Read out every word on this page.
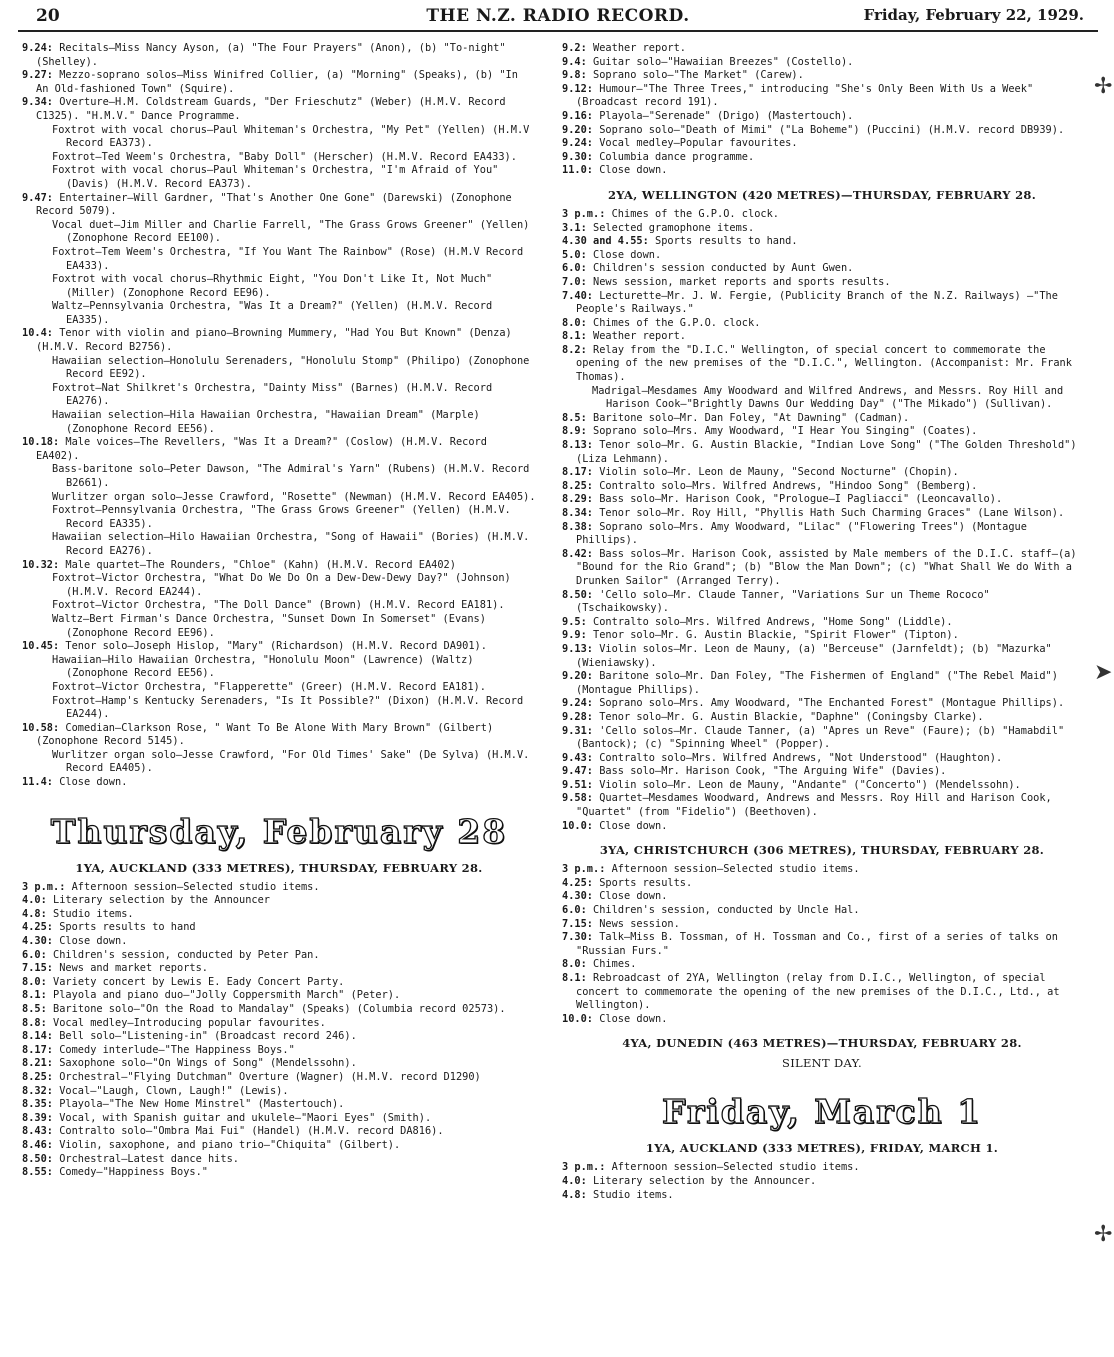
20	THE N.Z. RADIO RECORD.	Friday, February 22, 1929.
9.24: Recitals—Miss Nancy Ayson, (a) "The Four Prayers" (Anon), (b) "To-night" (Shelley).
9.27: Mezzo-soprano solos—Miss Winifred Collier, (a) "Morning" (Speaks), (b) "In An Old-fashioned Town" (Squire).
9.34: Overture—H.M. Coldstream Guards, "Der Frieschutz" (Weber) (H.M.V. Record C1325). "H.M.V." Dance Programme.
Foxtrot with vocal chorus—Paul Whiteman's Orchestra, "My Pet" (Yellen) (H.M.V Record EA373).
Foxtrot—Ted Weem's Orchestra, "Baby Doll" (Herscher) (H.M.V. Record EA433).
Foxtrot with vocal chorus—Paul Whiteman's Orchestra, "I'm Afraid of You" (Davis) (H.M.V. Record EA373).
9.47: Entertainer—Will Gardner, "That's Another One Gone" (Darewski) (Zonophone Record 5079).
Vocal duet—Jim Miller and Charlie Farrell, "The Grass Grows Greener" (Yellen) (Zonophone Record EE100).
Foxtrot—Tem Weem's Orchestra, "If You Want The Rainbow" (Rose) (H.M.V Record EA433).
Foxtrot with vocal chorus—Rhythmic Eight, "You Don't Like It, Not Much" (Miller) (Zonophone Record EE96).
Waltz—Pennsylvania Orchestra, "Was It a Dream?" (Yellen) (H.M.V. Record EA335).
10.4: Tenor with violin and piano—Browning Mummery, "Had You But Known" (Denza) (H.M.V. Record B2756).
Hawaiian selection—Honolulu Serenaders, "Honolulu Stomp" (Philipo) (Zonophone Record EE92).
Foxtrot—Nat Shilkret's Orchestra, "Dainty Miss" (Barnes) (H.M.V. Record EA276).
Hawaiian selection—Hila Hawaiian Orchestra, "Hawaiian Dream" (Marple) (Zonophone Record EE56).
10.18: Male voices—The Revellers, "Was It a Dream?" (Coslow) (H.M.V. Record EA402).
Bass-baritone solo—Peter Dawson, "The Admiral's Yarn" (Rubens) (H.M.V. Record B2661).
Wurlitzer organ solo—Jesse Crawford, "Rosette" (Newman) (H.M.V. Record EA405).
Foxtrot—Pennsylvania Orchestra, "The Grass Grows Greener" (Yellen) (H.M.V. Record EA335).
Hawaiian selection—Hilo Hawaiian Orchestra, "Song of Hawaii" (Bories) (H.M.V. Record EA276).
10.32: Male quartet—The Rounders, "Chloe" (Kahn) (H.M.V. Record EA402)
Foxtrot—Victor Orchestra, "What Do We Do On a Dew-Dew-Dewy Day?" (Johnson) (H.M.V. Record EA244).
Foxtrot—Victor Orchestra, "The Doll Dance" (Brown) (H.M.V. Record EA181).
Waltz—Bert Firman's Dance Orchestra, "Sunset Down In Somerset" (Evans) (Zonophone Record EE96).
10.45: Tenor solo—Joseph Hislop, "Mary" (Richardson) (H.M.V. Record DA901).
Hawaiian—Hilo Hawaiian Orchestra, "Honolulu Moon" (Lawrence) (Waltz) (Zonophone Record EE56).
Foxtrot—Victor Orchestra, "Flapperette" (Greer) (H.M.V. Record EA181).
Foxtrot—Hamp's Kentucky Serenaders, "Is It Possible?" (Dixon) (H.M.V. Record EA244).
10.58: Comedian—Clarkson Rose, " Want To Be Alone With Mary Brown" (Gilbert) (Zonophone Record 5145).
Wurlitzer organ solo—Jesse Crawford, "For Old Times' Sake" (De Sylva) (H.M.V. Record EA405).
11.4: Close down.
Thursday, February 28
1YA, AUCKLAND (333 METRES), THURSDAY, FEBRUARY 28.
3 p.m.: Afternoon session—Selected studio items.
4.0: Literary selection by the Announcer
4.8: Studio items.
4.25: Sports results to hand
4.30: Close down.
6.0: Children's session, conducted by Peter Pan.
7.15: News and market reports.
8.0: Variety concert by Lewis E. Eady Concert Party.
8.1: Playola and piano duo—"Jolly Coppersmith March" (Peter).
8.5: Baritone solo—"On the Road to Mandalay" (Speaks) (Columbia record 02573).
8.8: Vocal medley—Introducing popular favourites.
8.14: Bell solo—"Listening-in" (Broadcast record 246).
8.17: Comedy interlude—"The Happiness Boys."
8.21: Saxophone solo—"On Wings of Song" (Mendelssohn).
8.25: Orchestral—"Flying Dutchman" Overture (Wagner) (H.M.V. record D1290)
8.32: Vocal—"Laugh, Clown, Laugh!" (Lewis).
8.35: Playola—"The New Home Minstrel" (Mastertouch).
8.39: Vocal, with Spanish guitar and ukulele—"Maori Eyes" (Smith).
8.43: Contralto solo—"Ombra Mai Fui" (Handel) (H.M.V. record DA816).
8.46: Violin, saxophone, and piano trio—"Chiquita" (Gilbert).
8.50: Orchestral—Latest dance hits.
8.55: Comedy—"Happiness Boys."
9.2: Weather report.
9.4: Guitar solo—"Hawaiian Breezes" (Costello).
9.8: Soprano solo—"The Market" (Carew).
9.12: Humour—"The Three Trees," introducing "She's Only Been With Us a Week" (Broadcast record 191).
9.16: Playola—"Serenade" (Drigo) (Mastertouch).
9.20: Soprano solo—"Death of Mimi" ("La Boheme") (Puccini) (H.M.V. record DB939).
9.24: Vocal medley—Popular favourites.
9.30: Columbia dance programme.
11.0: Close down.
2YA, WELLINGTON (420 METRES)—THURSDAY, FEBRUARY 28.
3 p.m.: Chimes of the G.P.O. clock.
3.1: Selected gramophone items.
4.30 and 4.55: Sports results to hand.
5.0: Close down.
6.0: Children's session conducted by Aunt Gwen.
7.0: News session, market reports and sports results.
7.40: Lecturette—Mr. J. W. Fergie, (Publicity Branch of the N.Z. Railways) —"The People's Railways."
8.0: Chimes of the G.P.O. clock.
8.1: Weather report.
8.2: Relay from the "D.I.C." Wellington, of special concert to commemorate the opening of the new premises of the "D.I.C.", Wellington. (Accompanist: Mr. Frank Thomas).
Madrigal—Mesdames Amy Woodward and Wilfred Andrews, and Messrs. Roy Hill and Harison Cook—"Brightly Dawns Our Wedding Day" ("The Mikado") (Sullivan).
8.5: Baritone solo—Mr. Dan Foley, "At Dawning" (Cadman).
8.9: Soprano solo—Mrs. Amy Woodward, "I Hear You Singing" (Coates).
8.13: Tenor solo—Mr. G. Austin Blackie, "Indian Love Song" ("The Golden Threshold") (Liza Lehmann).
8.17: Violin solo—Mr. Leon de Mauny, "Second Nocturne" (Chopin).
8.25: Contralto solo—Mrs. Wilfred Andrews, "Hindoo Song" (Bemberg).
8.29: Bass solo—Mr. Harison Cook, "Prologue—I Pagliacci" (Leoncavallo).
8.34: Tenor solo—Mr. Roy Hill, "Phyllis Hath Such Charming Graces" (Lane Wilson).
8.38: Soprano solo—Mrs. Amy Woodward, "Lilac" ("Flowering Trees") (Montague Phillips).
8.42: Bass solos—Mr. Harison Cook, assisted by Male members of the D.I.C. staff—(a) "Bound for the Rio Grand"; (b) "Blow the Man Down"; (c) "What Shall We do With a Drunken Sailor" (Arranged Terry).
8.50: 'Cello solo—Mr. Claude Tanner, "Variations Sur un Theme Rococo" (Tschaikowsky).
9.5: Contralto solo—Mrs. Wilfred Andrews, "Home Song" (Liddle).
9.9: Tenor solo—Mr. G. Austin Blackie, "Spirit Flower" (Tipton).
9.13: Violin solos—Mr. Leon de Mauny, (a) "Berceuse" (Jarnfeldt); (b) "Mazurka" (Wieniawsky).
9.20: Baritone solo—Mr. Dan Foley, "The Fishermen of England" ("The Rebel Maid") (Montague Phillips).
9.24: Soprano solo—Mrs. Amy Woodward, "The Enchanted Forest" (Montague Phillips).
9.28: Tenor solo—Mr. G. Austin Blackie, "Daphne" (Coningsby Clarke).
9.31: 'Cello solos—Mr. Claude Tanner, (a) "Apres un Reve" (Faure); (b) "Hamabdil" (Bantock); (c) "Spinning Wheel" (Popper).
9.43: Contralto solo—Mrs. Wilfred Andrews, "Not Understood" (Haughton).
9.47: Bass solo—Mr. Harison Cook, "The Arguing Wife" (Davies).
9.51: Violin solo—Mr. Leon de Mauny, "Andante" ("Concerto") (Mendelssohn).
9.58: Quartet—Mesdames Woodward, Andrews and Messrs. Roy Hill and Harison Cook, "Quartet" (from "Fidelio") (Beethoven).
10.0: Close down.
3YA, CHRISTCHURCH (306 METRES), THURSDAY, FEBRUARY 28.
3 p.m.: Afternoon session—Selected studio items.
4.25: Sports results.
4.30: Close down.
6.0: Children's session, conducted by Uncle Hal.
7.15: News session.
7.30: Talk—Miss B. Tossman, of H. Tossman and Co., first of a series of talks on "Russian Furs."
8.0: Chimes.
8.1: Rebroadcast of 2YA, Wellington (relay from D.I.C., Wellington, of special concert to commemorate the opening of the new premises of the D.I.C., Ltd., at Wellington).
10.0: Close down.
4YA, DUNEDIN (463 METRES)—THURSDAY, FEBRUARY 28.
SILENT DAY.
Friday, March 1
1YA, AUCKLAND (333 METRES), FRIDAY, MARCH 1.
3 p.m.: Afternoon session—Selected studio items.
4.0: Literary selection by the Announcer.
4.8: Studio items.
✢
➤
✢
